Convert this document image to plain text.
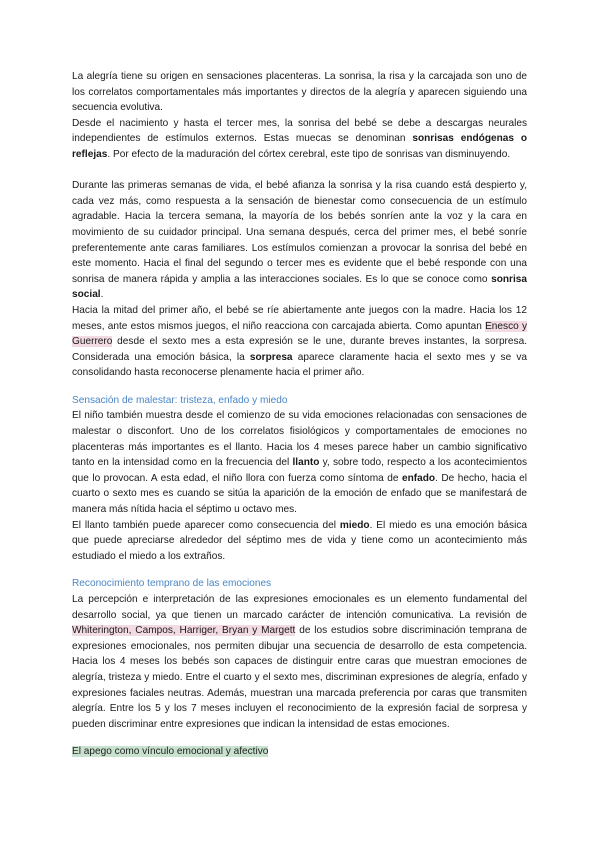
La alegría tiene su origen en sensaciones placenteras. La sonrisa, la risa y la carcajada son uno de los correlatos comportamentales más importantes y directos de la alegría y aparecen siguiendo una secuencia evolutiva.

Desde el nacimiento y hasta el tercer mes, la sonrisa del bebé se debe a descargas neurales independientes de estímulos externos. Estas muecas se denominan sonrisas endógenas o reflejas. Por efecto de la maduración del córtex cerebral, este tipo de sonrisas van disminuyendo.

Durante las primeras semanas de vida, el bebé afianza la sonrisa y la risa cuando está despierto y, cada vez más, como respuesta a la sensación de bienestar como consecuencia de un estímulo agradable. Hacia la tercera semana, la mayoría de los bebés sonríen ante la voz y la cara en movimiento de su cuidador principal. Una semana después, cerca del primer mes, el bebé sonríe preferentemente ante caras familiares. Los estímulos comienzan a provocar la sonrisa del bebé en este momento. Hacia el final del segundo o tercer mes es evidente que el bebé responde con una sonrisa de manera rápida y amplia a las interacciones sociales. Es lo que se conoce como sonrisa social.

Hacia la mitad del primer año, el bebé se ríe abiertamente ante juegos con la madre. Hacia los 12 meses, ante estos mismos juegos, el niño reacciona con carcajada abierta. Como apuntan Enesco y Guerrero desde el sexto mes a esta expresión se le une, durante breves instantes, la sorpresa. Considerada una emoción básica, la sorpresa aparece claramente hacia el sexto mes y se va consolidando hasta reconocerse plenamente hacia el primer año.

Sensación de malestar: tristeza, enfado y miedo

El niño también muestra desde el comienzo de su vida emociones relacionadas con sensaciones de malestar o disconfort. Uno de los correlatos fisiológicos y comportamentales de emociones no placenteras más importantes es el llanto. Hacia los 4 meses parece haber un cambio significativo tanto en la intensidad como en la frecuencia del llanto y, sobre todo, respecto a los acontecimientos que lo provocan. A esta edad, el niño llora con fuerza como síntoma de enfado. De hecho, hacia el cuarto o sexto mes es cuando se sitúa la aparición de la emoción de enfado que se manifestará de manera más nítida hacia el séptimo u octavo mes.

El llanto también puede aparecer como consecuencia del miedo. El miedo es una emoción básica que puede apreciarse alrededor del séptimo mes de vida y tiene como un acontecimiento más estudiado el miedo a los extraños.

Reconocimiento temprano de las emociones

La percepción e interpretación de las expresiones emocionales es un elemento fundamental del desarrollo social, ya que tienen un marcado carácter de intención comunicativa. La revisión de Whiterington, Campos, Harriger, Bryan y Margett de los estudios sobre discriminación temprana de expresiones emocionales, nos permiten dibujar una secuencia de desarrollo de esta competencia. Hacia los 4 meses los bebés son capaces de distinguir entre caras que muestran emociones de alegría, tristeza y miedo. Entre el cuarto y el sexto mes, discriminan expresiones de alegría, enfado y expresiones faciales neutras. Además, muestran una marcada preferencia por caras que transmiten alegría. Entre los 5 y los 7 meses incluyen el reconocimiento de la expresión facial de sorpresa y pueden discriminar entre expresiones que indican la intensidad de estas emociones.

El apego como vínculo emocional y afectivo
